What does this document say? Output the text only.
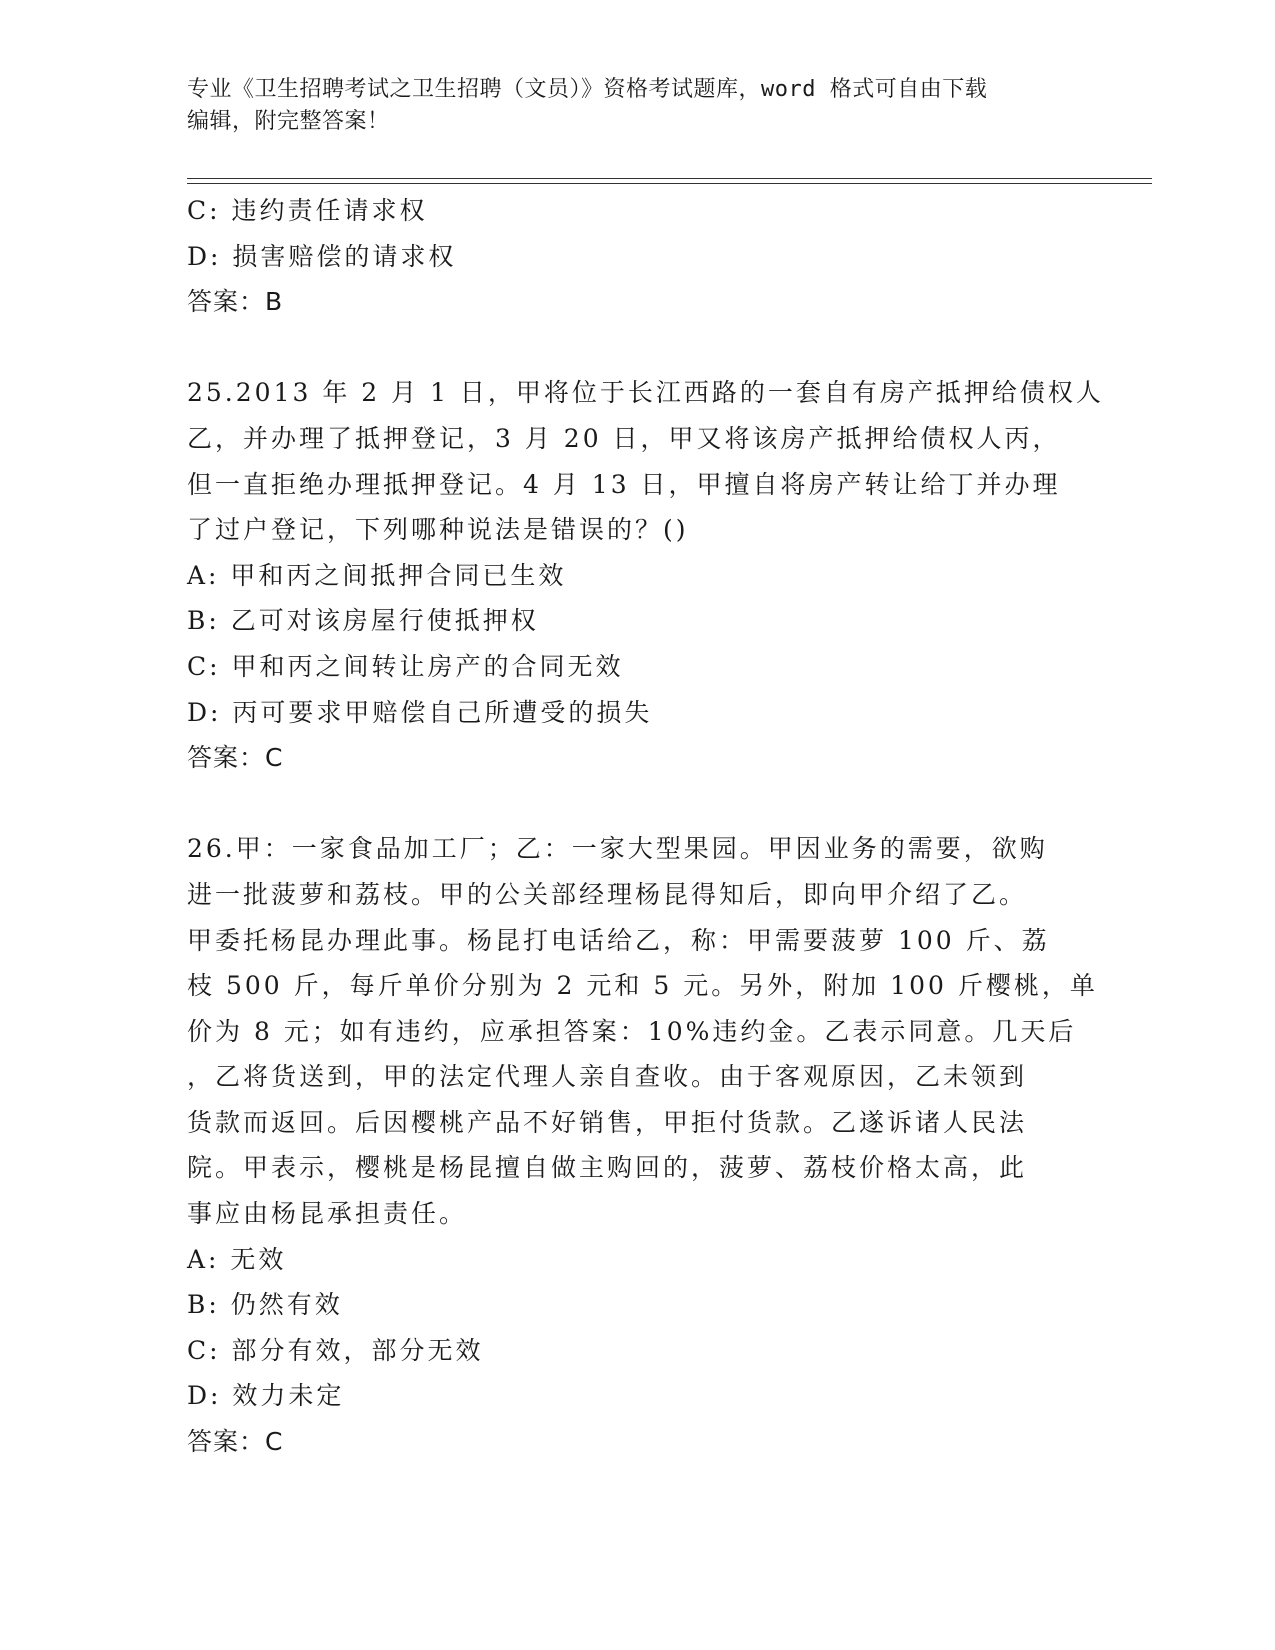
专业《卫生招聘考试之卫生招聘（文员）》资格考试题库，word 格式可自由下载
编辑，附完整答案！
C: 违约责任请求权
D: 损害赔偿的请求权
答案：B
25.2013 年 2 月 1 日，甲将位于长江西路的一套自有房产抵押给债权人
乙，并办理了抵押登记，3 月 20 日，甲又将该房产抵押给债权人丙，
但一直拒绝办理抵押登记。4 月 13 日，甲擅自将房产转让给丁并办理
了过户登记，下列哪种说法是错误的？()
A: 甲和丙之间抵押合同已生效
B: 乙可对该房屋行使抵押权
C: 甲和丙之间转让房产的合同无效
D: 丙可要求甲赔偿自己所遭受的损失
答案：C
26.甲：一家食品加工厂；乙：一家大型果园。甲因业务的需要，欲购
进一批菠萝和荔枝。甲的公关部经理杨昆得知后，即向甲介绍了乙。
甲委托杨昆办理此事。杨昆打电话给乙，称：甲需要菠萝 100 斤、荔
枝 500 斤，每斤单价分别为 2 元和 5 元。另外，附加 100 斤樱桃，单
价为 8 元；如有违约，应承担答案：10%违约金。乙表示同意。几天后
，乙将货送到，甲的法定代理人亲自查收。由于客观原因，乙未领到
货款而返回。后因樱桃产品不好销售，甲拒付货款。乙遂诉诸人民法
院。甲表示，樱桃是杨昆擅自做主购回的，菠萝、荔枝价格太高，此
事应由杨昆承担责任。
A: 无效
B: 仍然有效
C: 部分有效，部分无效
D: 效力未定
答案：C
